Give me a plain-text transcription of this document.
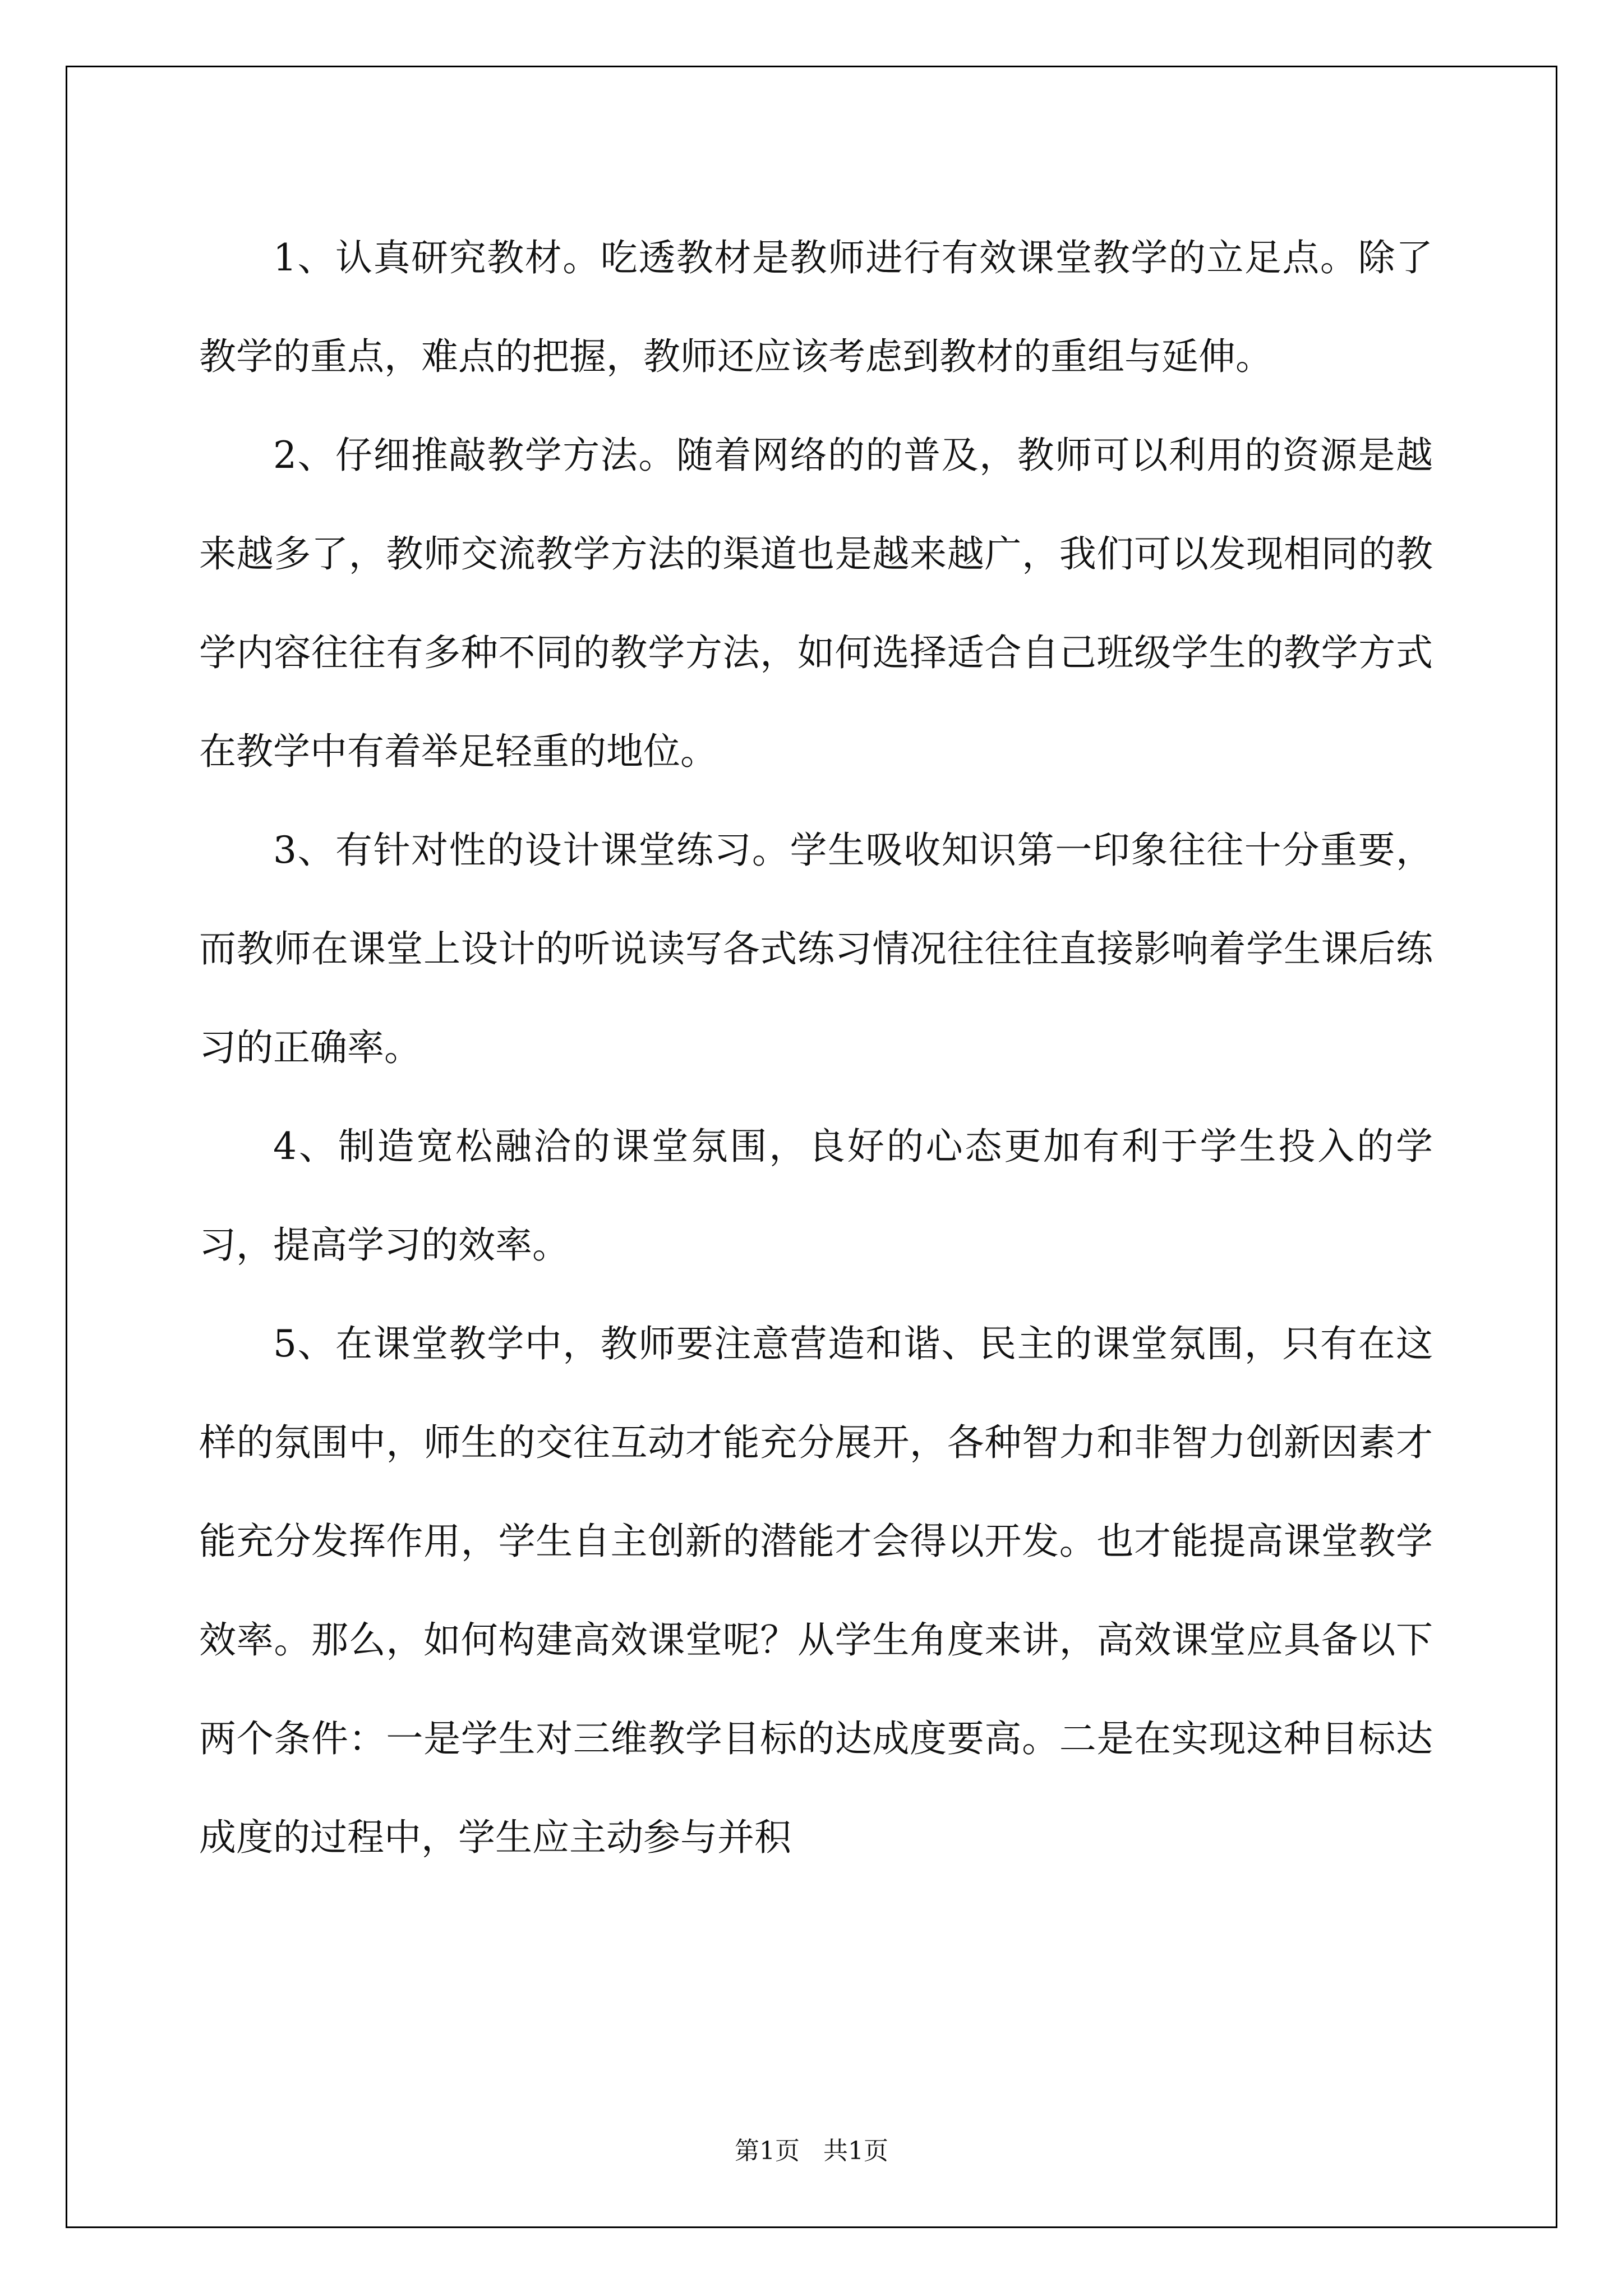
1、认真研究教材。吃透教材是教师进行有效课堂教学的立足点。除了教学的重点，难点的把握，教师还应该考虑到教材的重组与延伸。

2、仔细推敲教学方法。随着网络的的普及，教师可以利用的资源是越来越多了，教师交流教学方法的渠道也是越来越广，我们可以发现相同的教学内容往往有多种不同的教学方法，如何选择适合自己班级学生的教学方式在教学中有着举足轻重的地位。

3、有针对性的设计课堂练习。学生吸收知识第一印象往往十分重要，而教师在课堂上设计的听说读写各式练习情况往往往直接影响着学生课后练习的正确率。

4、制造宽松融洽的课堂氛围，良好的心态更加有利于学生投入的学习，提高学习的效率。

5、在课堂教学中，教师要注意营造和谐、民主的课堂氛围，只有在这样的氛围中，师生的交往互动才能充分展开，各种智力和非智力创新因素才能充分发挥作用，学生自主创新的潜能才会得以开发。也才能提高课堂教学效率。那么，如何构建高效课堂呢？从学生角度来讲，高效课堂应具备以下两个条件：一是学生对三维教学目标的达成度要高。二是在实现这种目标达成度的过程中，学生应主动参与并积

第1页 共1页
